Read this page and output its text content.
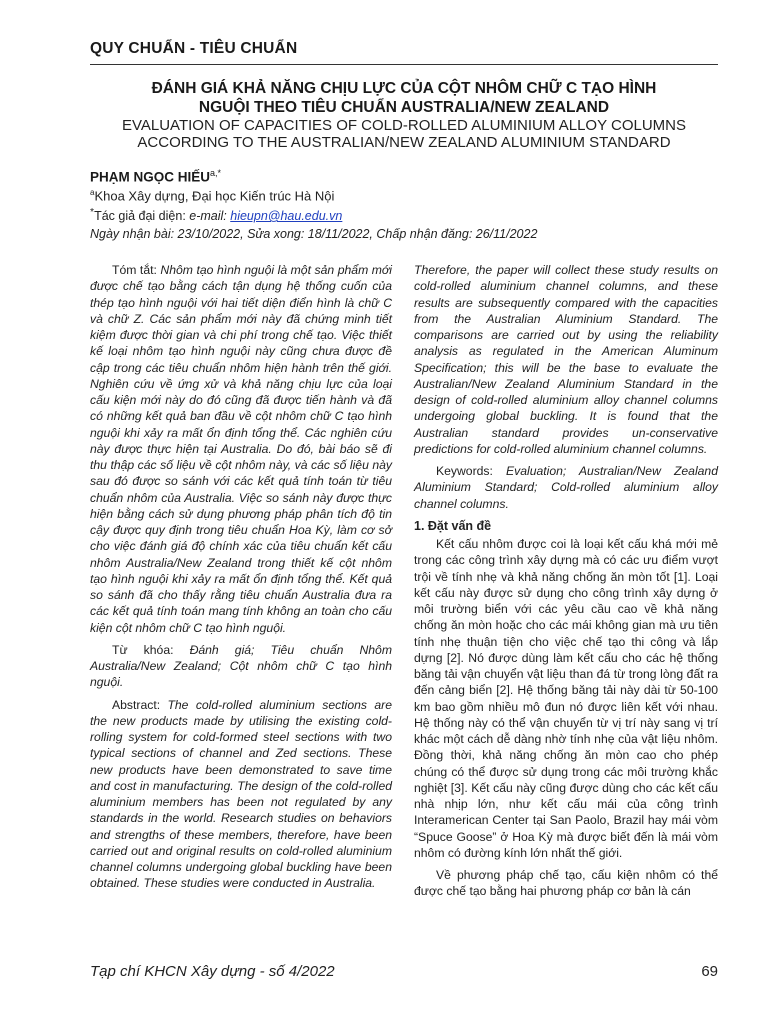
QUY CHUẨN - TIÊU CHUẨN
ĐÁNH GIÁ KHẢ NĂNG CHỊU LỰC CỦA CỘT NHÔM CHỮ C TẠO HÌNH
NGUỘI THEO TIÊU CHUẨN AUSTRALIA/NEW ZEALAND
EVALUATION OF CAPACITIES OF COLD-ROLLED ALUMINIUM ALLOY COLUMNS
ACCORDING TO THE AUSTRALIAN/NEW ZEALAND ALUMINIUM STANDARD
PHẠM NGỌC HIẾU$^{a,*}$
$^a$Khoa Xây dựng, Đại học Kiến trúc Hà Nội
*Tác giả đại diện: e-mail: hieupn@hau.edu.vn
Ngày nhận bài: 23/10/2022, Sửa xong: 18/11/2022, Chấp nhận đăng: 26/11/2022

Tóm tắt: Nhôm tạo hình nguội là một sản phẩm mới được chế tạo bằng cách tận dụng hệ thống cuốn của thép tạo hình nguội với hai tiết diện điển hình là chữ C và chữ Z. Các sản phẩm mới này đã chứng minh tiết kiệm được thời gian và chi phí trong chế tạo. Việc thiết kế loại nhôm tạo hình nguội này cũng chưa được đề cập trong các tiêu chuẩn nhôm hiện hành trên thế giới. Nghiên cứu về ứng xử và khả năng chịu lực của loại cấu kiện mới này do đó cũng đã được tiến hành và đã có những kết quả ban đầu về cột nhôm chữ C tạo hình nguội khi xảy ra mất ổn định tổng thể. Các nghiên cứu này được thực hiện tại Australia. Do đó, bài báo sẽ đi thu thập các số liệu về cột nhôm này, và các số liệu này sau đó được so sánh với các kết quả tính toán từ tiêu chuẩn nhôm của Australia. Việc so sánh này được thực hiện bằng cách sử dụng phương pháp phân tích độ tin cậy được quy định trong tiêu chuẩn Hoa Kỳ, làm cơ sở cho việc đánh giá độ chính xác của tiêu chuẩn kết cấu nhôm Australia/New Zealand trong thiết kế cột nhôm tạo hình nguội khi xảy ra mất ổn định tổng thể. Kết quả so sánh đã cho thấy rằng tiêu chuẩn Australia đưa ra các kết quả tính toán mang tính không an toàn cho cấu kiện cột nhôm chữ C tạo hình nguội.

Từ khóa: Đánh giá; Tiêu chuẩn Nhôm Australia/New Zealand; Cột nhôm chữ C tạo hình nguội.

Abstract: The cold-rolled aluminium sections are the new products made by utilising the existing cold-rolling system for cold-formed steel sections with two typical sections of channel and Zed sections. These new products have been demonstrated to save time and cost in manufacturing. The design of the cold-rolled aluminium members has been not regulated by any standards in the world. Research studies on behaviors and strengths of these members, therefore, have been carried out and original results on cold-rolled aluminium channel columns undergoing global buckling have been obtained. These studies were conducted in Australia.

Therefore, the paper will collect these study results on cold-rolled aluminium channel columns, and these results are subsequently compared with the capacities from the Australian Aluminium Standard. The comparisons are carried out by using the reliability analysis as regulated in the American Aluminum Specification; this will be the base to evaluate the Australian/New Zealand Aluminium Standard in the design of cold-rolled aluminium alloy channel columns undergoing global buckling. It is found that the Australian standard provides un-conservative predictions for cold-rolled aluminium channel columns.

Keywords: Evaluation; Australian/New Zealand Aluminium Standard; Cold-rolled aluminium alloy channel columns.

1. Đặt vấn đề

Kết cấu nhôm được coi là loại kết cấu khá mới mẻ trong các công trình xây dựng mà có các ưu điểm vượt trội về tính nhẹ và khả năng chống ăn mòn tốt [1]. Loại kết cấu này được sử dụng cho công trình xây dựng ở môi trường biển với các yêu cầu cao về khả năng chống ăn mòn hoặc cho các mái không gian mà ưu tiên tính nhẹ thuận tiện cho việc chế tạo thi công và lắp dựng [2]. Nó được dùng làm kết cấu cho các hệ thống băng tải vận chuyển vật liệu than đá từ trong lòng đất ra đến cảng biển [2]. Hệ thống băng tải này dài từ 50-100 km bao gồm nhiều mô đun nó được liên kết với nhau. Hệ thống này có thể vận chuyển từ vị trí này sang vị trí khác một cách dễ dàng nhờ tính nhẹ của vật liệu nhôm. Đồng thời, khả năng chống ăn mòn cao cho phép chúng có thể được sử dụng trong các môi trường khắc nghiệt [3]. Kết cấu này cũng được dùng cho các kết cấu nhà nhịp lớn, như kết cấu mái của công trình Interamerican Center tại San Paolo, Brazil hay mái vòm “Spuce Goose” ở Hoa Kỳ mà được biết đến là mái vòm nhôm có đường kính lớn nhất thế giới.

Về phương pháp chế tạo, cấu kiện nhôm có thể được chế tạo bằng hai phương pháp cơ bản là cán

Tạp chí KHCN Xây dựng - số 4/2022	69
